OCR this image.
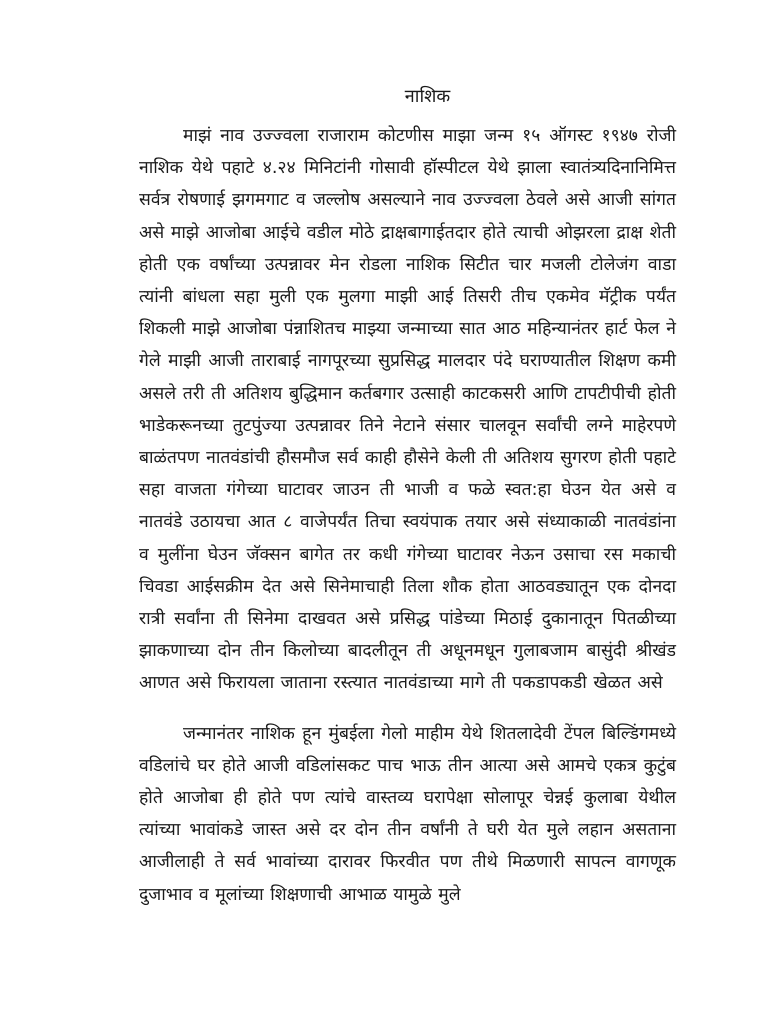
नाशिक

माझं नाव उज्ज्वला राजाराम कोटणीस माझा जन्म १५ ऑगस्ट १९४७ रोजी नाशिक येथे पहाटे ४.२४ मिनिटांनी गोसावी हॉस्पीटल येथे झाला स्वातंत्र्यदिनानिमित्त सर्वत्र रोषणाई झगमगाट व जल्लोष असल्याने नाव उज्ज्वला ठेवले असे आजी सांगत असे माझे आजोबा आईचे वडील मोठे द्राक्षबागाईतदार होते त्याची ओझरला द्राक्ष शेती होती एक वर्षांच्या उत्पन्नावर मेन रोडला नाशिक सिटीत चार मजली टोलेजंग वाडा त्यांनी बांधला सहा मुली एक मुलगा माझी आई तिसरी तीच एकमेव मॅट्रीक पर्यंत शिकली माझे आजोबा पंन्नाशितच माझ्या जन्माच्या सात आठ महिन्यानंतर हार्ट फेल ने गेले माझी आजी ताराबाई नागपूरच्या सुप्रसिद्ध मालदार पंदे घराण्यातील शिक्षण कमी असले तरी ती अतिशय बुद्धिमान कर्तबगार उत्साही काटकसरी आणि टापटीपीची होती भाडेकरूनच्या तुटपुंज्या उत्पन्नावर तिने नेटाने संसार चालवून सर्वांची लग्ने माहेरपणे बाळंतपण नातवंडांची हौसमौज सर्व काही हौसेने केली ती अतिशय सुगरण होती पहाटे सहा वाजता गंगेच्या घाटावर जाउन ती भाजी व फळे स्वत:हा घेउन येत असे व नातवंडे उठायचा आत ८ वाजेपर्यंत तिचा स्वयंपाक तयार असे संध्याकाळी नातवंडांना व मुलींना घेउन जॅक्सन बागेत तर कधी गंगेच्या घाटावर नेऊन उसाचा रस मकाची चिवडा आईसक्रीम देत असे सिनेमाचाही तिला शौक होता आठवड्यातून एक दोनदा रात्री सर्वांना ती सिनेमा दाखवत असे प्रसिद्ध पांडेच्या मिठाई दुकानातून पितळीच्या झाकणाच्या दोन तीन किलोच्या बादलीतून ती अधूनमधून गुलाबजाम बासुंदी श्रीखंड आणत असे फिरायला जाताना रस्त्यात नातवंडाच्या मागे ती पकडापकडी खेळत असे

जन्मानंतर नाशिक हून मुंबईला गेलो माहीम येथे शितलादेवी टेंपल बिल्डिंगमध्ये वडिलांचे घर होते आजी वडिलांसकट पाच भाऊ तीन आत्या असे आमचे एकत्र कुटुंब होते आजोबा ही होते पण त्यांचे वास्तव्य घरापेक्षा सोलापूर चेन्नई कुलाबा येथील त्यांच्या भावांकडे जास्त असे दर दोन तीन वर्षांनी ते घरी येत मुले लहान असताना आजीलाही ते सर्व भावांच्या दारावर फिरवीत पण तीथे मिळणारी सापत्न वागणूक दुजाभाव व मूलांच्या शिक्षणाची आभाळ यामुळे मुले
